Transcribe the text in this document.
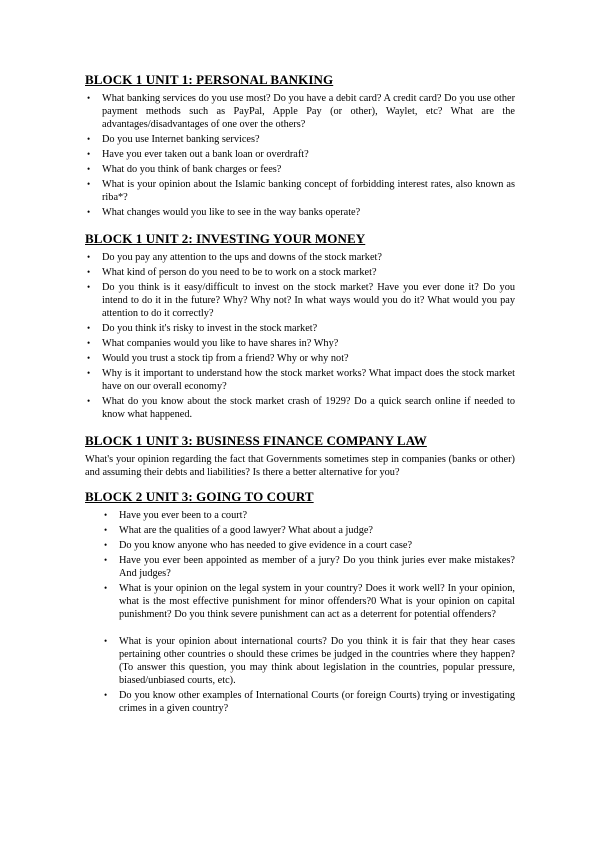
BLOCK 1 UNIT 1: PERSONAL BANKING
• What banking services do you use most? Do you have a debit card? A credit card? Do you use other payment methods such as PayPal, Apple Pay (or other), Waylet, etc? What are the advantages/disadvantages of one over the others?
• Do you use Internet banking services?
• Have you ever taken out a bank loan or overdraft?
• What do you think of bank charges or fees?
• What is your opinion about the Islamic banking concept of forbidding interest rates, also known as riba*?
• What changes would you like to see in the way banks operate?
BLOCK 1 UNIT 2: INVESTING YOUR MONEY
• Do you pay any attention to the ups and downs of the stock market?
• What kind of person do you need to be to work on a stock market?
• Do you think is it easy/difficult to invest on the stock market? Have you ever done it? Do you intend to do it in the future? Why? Why not? In what ways would you do it? What would you pay attention to do it correctly?
• Do you think it's risky to invest in the stock market?
• What companies would you like to have shares in? Why?
• Would you trust a stock tip from a friend? Why or why not?
• Why is it important to understand how the stock market works? What impact does the stock market have on our overall economy?
• What do you know about the stock market crash of 1929? Do a quick search online if needed to know what happened.
BLOCK 1 UNIT 3: BUSINESS FINANCE COMPANY LAW

What's your opinion regarding the fact that Governments sometimes step in companies (banks or other) and assuming their debts and liabilities? Is there a better alternative for you?

BLOCK 2 UNIT 3: GOING TO COURT
• Have you ever been to a court?
• What are the qualities of a good lawyer? What about a judge?
• Do you know anyone who has needed to give evidence in a court case?
• Have you ever been appointed as member of a jury? Do you think juries ever make mistakes? And judges?
• What is your opinion on the legal system in your country? Does it work well? In your opinion, what is the most effective punishment for minor offenders?0 What is your opinion on capital punishment? Do you think severe punishment can act as a deterrent for potential offenders?
• What is your opinion about international courts? Do you think it is fair that they hear cases pertaining other countries o should these crimes be judged in the countries where they happen? (To answer this question, you may think about legislation in the countries, popular pressure, biased/unbiased courts, etc).
• Do you know other examples of International Courts (or foreign Courts) trying or investigating crimes in a given country?
